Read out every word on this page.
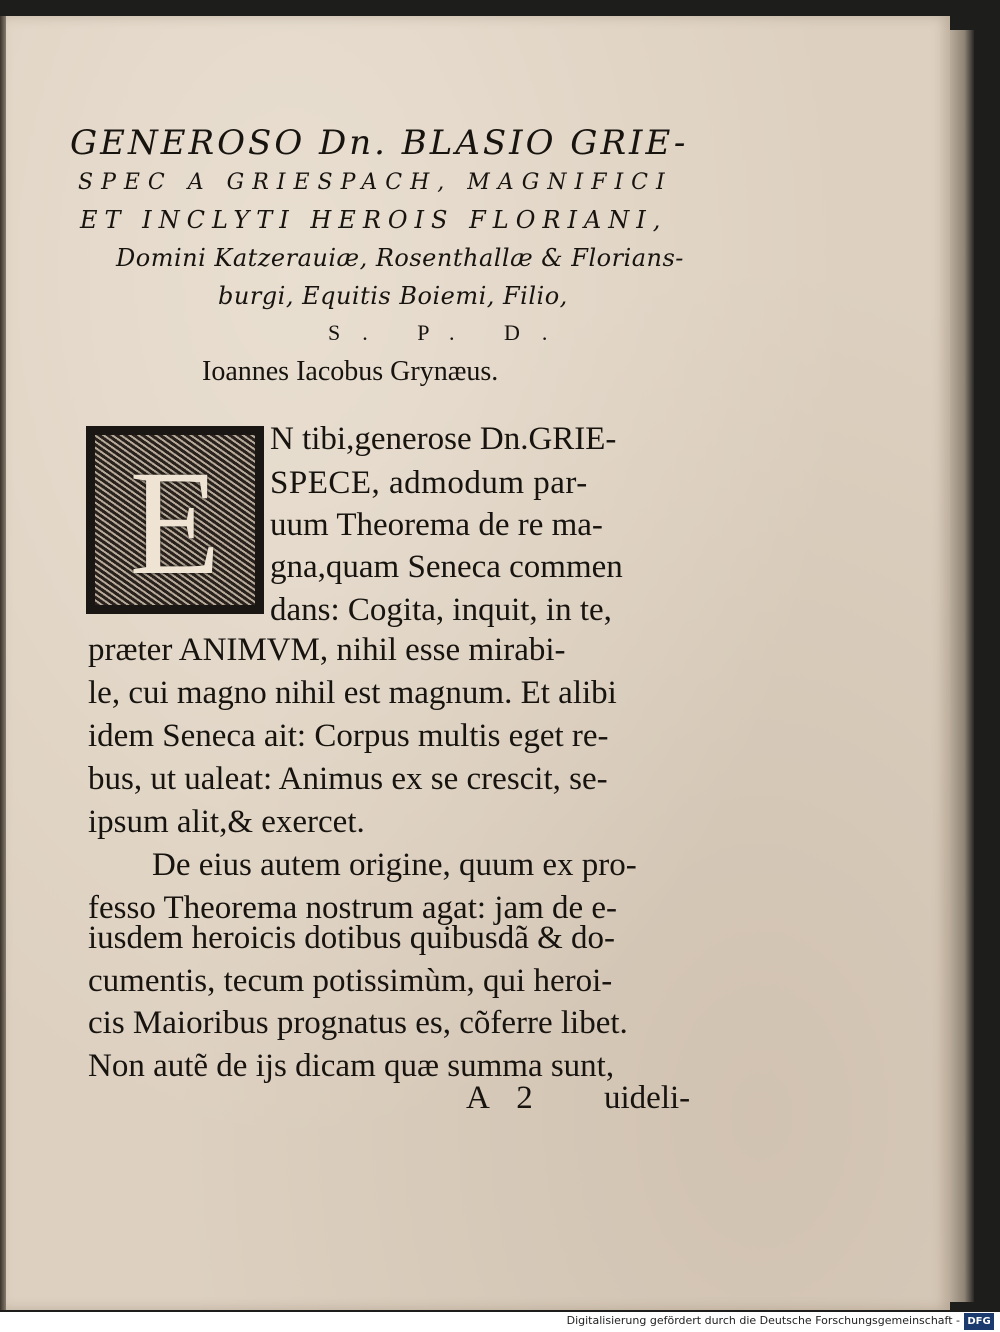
GENEROSO Dn. BLASIO GRIE-
SPEC A GRIESPACH, MAGNIFICI
ET INCLYTI HEROIS FLORIANI,
Domini Katzerauiæ, Rosenthallæ & Florians-
burgi, Equitis Boiemi, Filio,
S. P. D.
Ioannes Iacobus Grynæus.
E
N tibi,generose Dn.GRIE-
SPECE, admodum par-
uum Theorema de re ma-
gna,quam Seneca commen
dans: Cogita, inquit, in te,
præter ANIMVM, nihil esse mirabi-
le, cui magno nihil est magnum. Et alibi
idem Seneca ait: Corpus multis eget re-
bus, ut ualeat: Animus ex se crescit, se-
ipsum alit,& exercet.
De eius autem origine, quum ex pro-
fesso Theorema nostrum agat: jam de e-
iusdem heroicis dotibus quibusdã & do-
cumentis, tecum potissimùm, qui heroi-
cis Maioribus prognatus es, cõferre libet.
Non autẽ de ijs dicam quæ summa sunt,
A 2 uideli-
Digitalisierung gefördert durch die Deutsche Forschungsgemeinschaft - DFG
